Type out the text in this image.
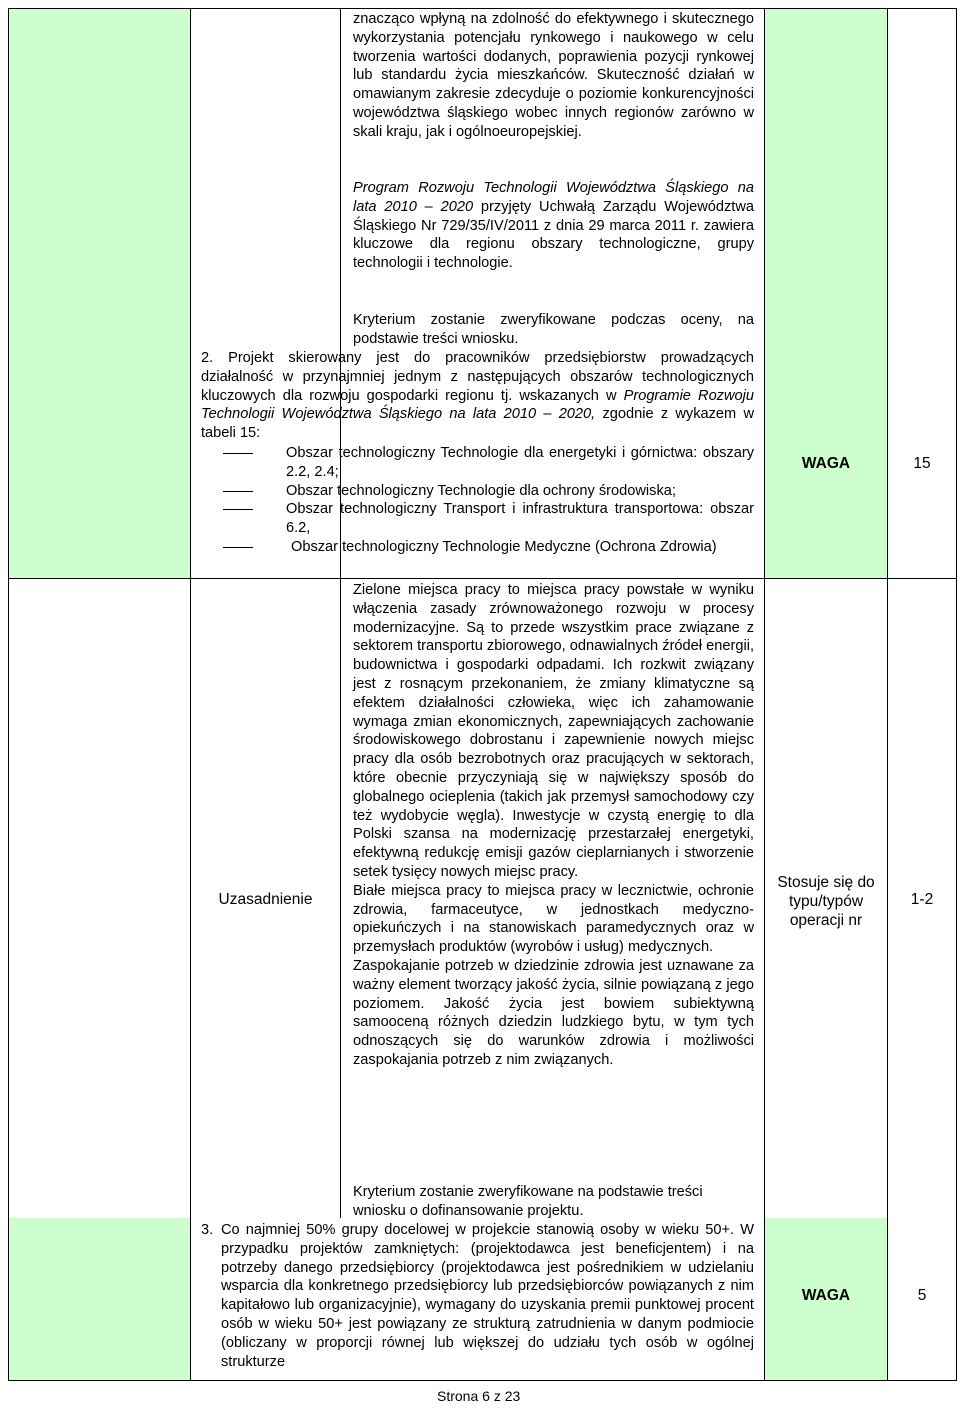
znacząco wpłyną na zdolność do efektywnego i skutecznego wykorzystania potencjału rynkowego i naukowego w celu tworzenia wartości dodanych, poprawienia pozycji rynkowej lub standardu życia mieszkańców. Skuteczność działań w omawianym zakresie zdecyduje o poziomie konkurencyjności województwa śląskiego wobec innych regionów zarówno w skali kraju, jak i ogólnoeuropejskiej.

Program Rozwoju Technologii Województwa Śląskiego na lata 2010 – 2020 przyjęty Uchwałą Zarządu Województwa Śląskiego Nr 729/35/IV/2011 z dnia 29 marca 2011 r. zawiera kluczowe dla regionu obszary technologiczne, grupy technologii i technologie.

Kryterium zostanie zweryfikowane podczas oceny, na podstawie treści wniosku.

2. Projekt skierowany jest do pracowników przedsiębiorstw prowadzących działalność w przynajmniej jednym z następujących obszarów technologicznych kluczowych dla rozwoju gospodarki regionu tj. wskazanych w Programie Rozwoju Technologii Województwa Śląskiego na lata 2010 – 2020, zgodnie z wykazem w tabeli 15:

Obszar technologiczny Technologie dla energetyki i górnictwa: obszary 2.2, 2.4;
Obszar technologiczny Technologie dla ochrony środowiska;
Obszar technologiczny Transport i infrastruktura transportowa: obszar 6.2,
Obszar technologiczny Technologie Medyczne (Ochrona Zdrowia)
WAGA	15
Uzasadnienie

Zielone miejsca pracy to miejsca pracy powstałe w wyniku włączenia zasady zrównoważonego rozwoju w procesy modernizacyjne. Są to przede wszystkim prace związane z sektorem transportu zbiorowego, odnawialnych źródeł energii, budownictwa i gospodarki odpadami. Ich rozkwit związany jest z rosnącym przekonaniem, że zmiany klimatyczne są efektem działalności człowieka, więc ich zahamowanie wymaga zmian ekonomicznych, zapewniających zachowanie środowiskowego dobrostanu i zapewnienie nowych miejsc pracy dla osób bezrobotnych oraz pracujących w sektorach, które obecnie przyczyniają się w największy sposób do globalnego ocieplenia (takich jak przemysł samochodowy czy też wydobycie węgla). Inwestycje w czystą energię to dla Polski szansa na modernizację przestarzałej energetyki, efektywną redukcję emisji gazów cieplarnianych i stworzenie setek tysięcy nowych miejsc pracy.

Białe miejsca pracy to miejsca pracy w lecznictwie, ochronie zdrowia, farmaceutyce, w jednostkach medyczno-opiekuńczych i na stanowiskach paramedycznych oraz w przemysłach produktów (wyrobów i usług) medycznych.

Zaspokajanie potrzeb w dziedzinie zdrowia jest uznawane za ważny element tworzący jakość życia, silnie powiązaną z jego poziomem. Jakość życia jest bowiem subiektywną samooceną różnych dziedzin ludzkiego bytu, w tym tych odnoszących się do warunków zdrowia i możliwości zaspokajania potrzeb z nim związanych.

Kryterium zostanie zweryfikowane na podstawie treści wniosku o dofinansowanie projektu.

Stosuje się do typu/typów operacji nr
1-2
3. Co najmniej 50% grupy docelowej w projekcie stanowią osoby w wieku 50+. W przypadku projektów zamkniętych: (projektodawca jest beneficjentem) i na potrzeby danego przedsiębiorcy (projektodawca jest pośrednikiem w udzielaniu wsparcia dla konkretnego przedsiębiorcy lub przedsiębiorców powiązanych z nim kapitałowo lub organizacyjnie), wymagany do uzyskania premii punktowej procent osób w wieku 50+ jest powiązany ze strukturą zatrudnienia w danym podmiocie (obliczany w proporcji równej lub większej do udziału tych osób w ogólnej strukturze
WAGA	5
Strona 6 z 23
